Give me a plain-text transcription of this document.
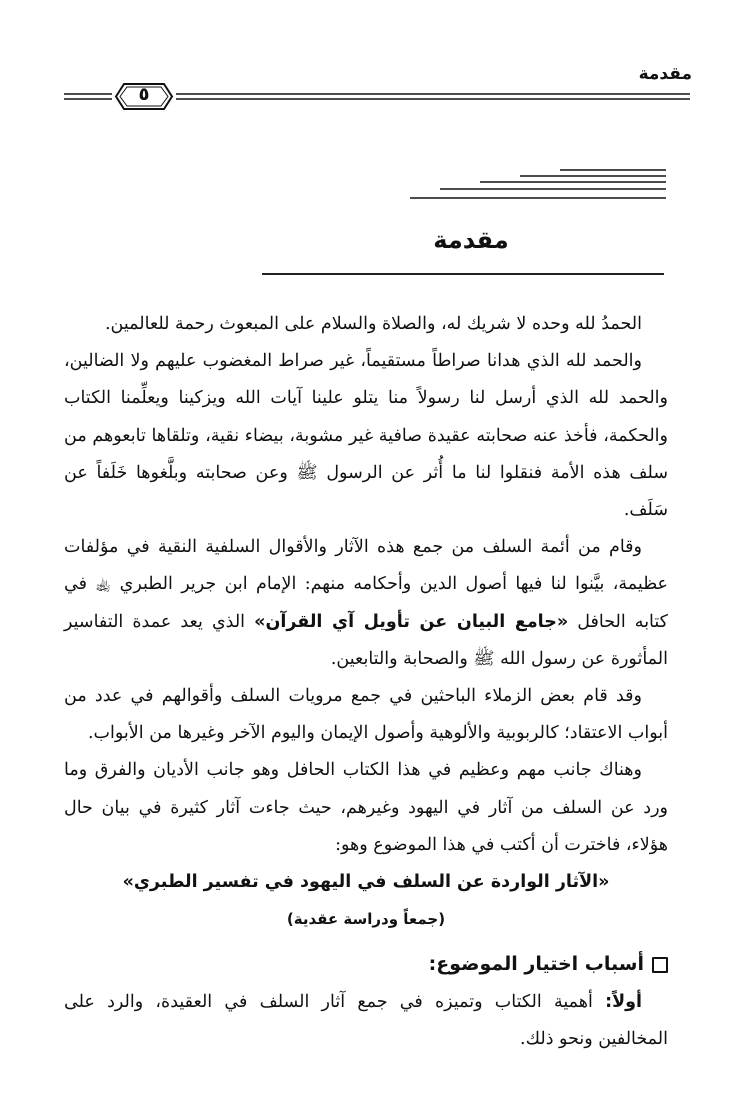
مقدمة
٥
مقدمة

الحمدُ لله وحده لا شريك له، والصلاة والسلام على المبعوث رحمة للعالمين.

والحمد لله الذي هدانا صراطاً مستقيماً، غير صراط المغضوب عليهم ولا الضالين، والحمد لله الذي أرسل لنا رسولاً منا يتلو علينا آيات الله ويزكينا ويعلِّمنا الكتاب والحكمة، فأخذ عنه صحابته عقيدة صافية غير مشوبة، بيضاء نقية، وتلقاها تابعوهم من سلف هذه الأمة فنقلوا لنا ما أُثر عن الرسول ﷺ وعن صحابته وبلَّغوها خَلَفاً عن سَلَف.

وقام من أئمة السلف من جمع هذه الآثار والأقوال السلفية النقية في مؤلفات عظيمة، بيَّنوا لنا فيها أصول الدين وأحكامه منهم: الإمام ابن جرير الطبري ﵀ في كتابه الحافل «جامع البيان عن تأويل آي القرآن» الذي يعد عمدة التفاسير المأثورة عن رسول الله ﷺ والصحابة والتابعين.

وقد قام بعض الزملاء الباحثين في جمع مرويات السلف وأقوالهم في عدد من أبواب الاعتقاد؛ كالربوبية والألوهية وأصول الإيمان واليوم الآخر وغيرها من الأبواب.

وهناك جانب مهم وعظيم في هذا الكتاب الحافل وهو جانب الأديان والفرق وما ورد عن السلف من آثار في اليهود وغيرهم، حيث جاءت آثار كثيرة في بيان حال هؤلاء، فاخترت أن أكتب في هذا الموضوع وهو:

«الآثار الواردة عن السلف في اليهود في تفسير الطبري»

(جمعاً ودراسة عقدية)

أسباب اختيار الموضوع:

أولاً: أهمية الكتاب وتميزه في جمع آثار السلف في العقيدة، والرد على المخالفين ونحو ذلك.
